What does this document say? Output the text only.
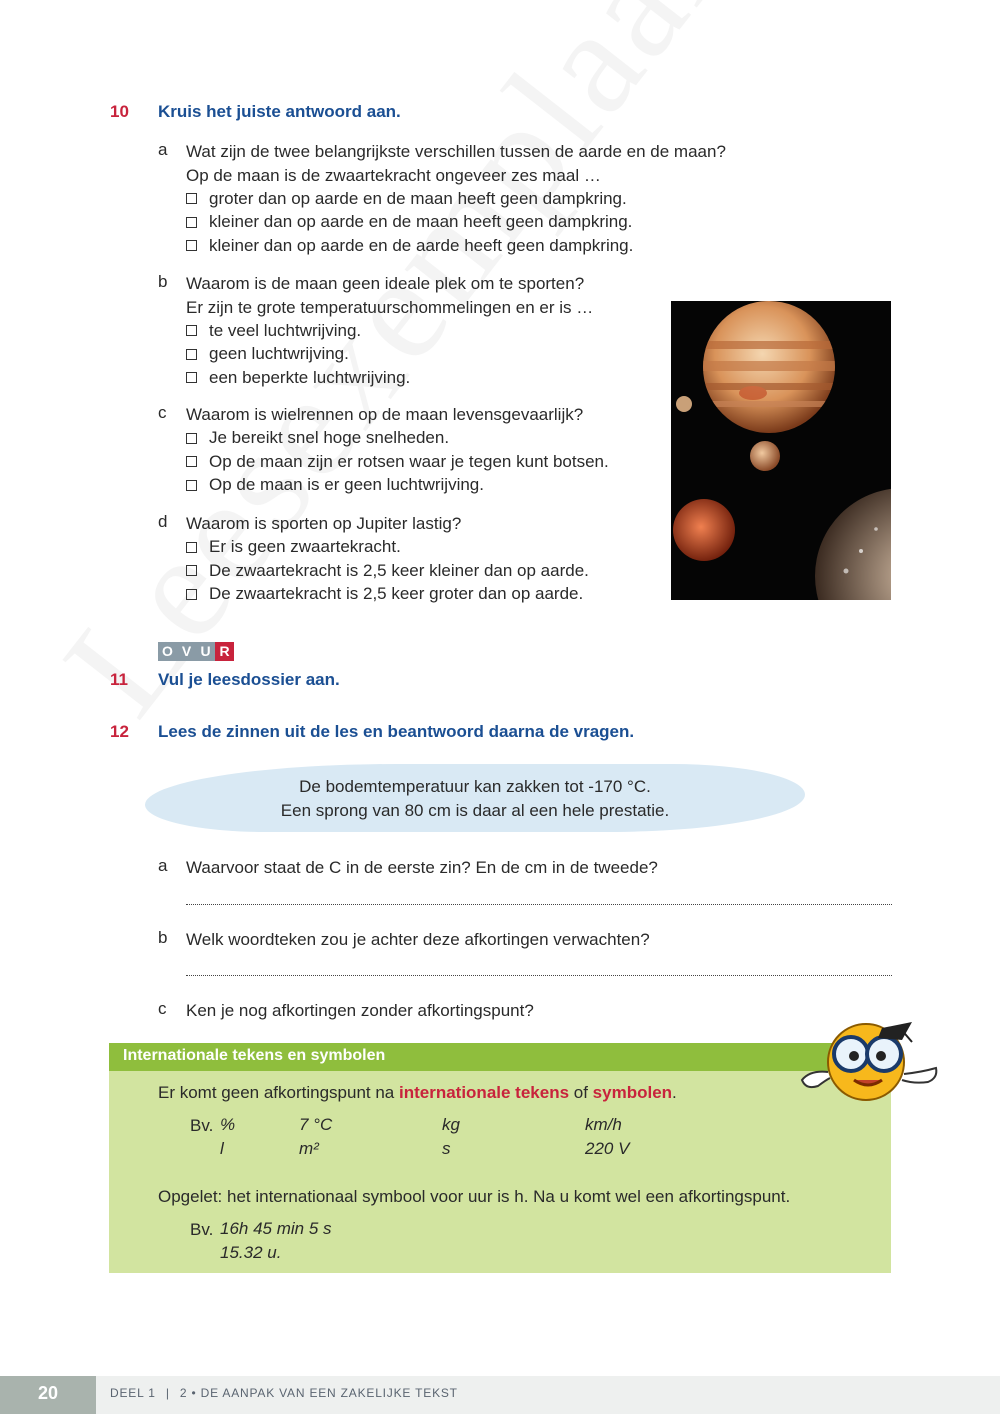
10 Kruis het juiste antwoord aan.
a Wat zijn de twee belangrijkste verschillen tussen de aarde en de maan?
Op de maan is de zwaartekracht ongeveer zes maal …
groter dan op aarde en de maan heeft geen dampkring.
kleiner dan op aarde en de maan heeft geen dampkring.
kleiner dan op aarde en de aarde heeft geen dampkring.
b Waarom is de maan geen ideale plek om te sporten?
Er zijn te grote temperatuurschommelingen en er is …
te veel luchtwrijving.
geen luchtwrijving.
een beperkte luchtwrijving.
c Waarom is wielrennen op de maan levensgevaarlijk?
Je bereikt snel hoge snelheden.
Op de maan zijn er rotsen waar je tegen kunt botsen.
Op de maan is er geen luchtwrijving.
d Waarom is sporten op Jupiter lastig?
Er is geen zwaartekracht.
De zwaartekracht is 2,5 keer kleiner dan op aarde.
De zwaartekracht is 2,5 keer groter dan op aarde.
O V U R
11 Vul je leesdossier aan.
12 Lees de zinnen uit de les en beantwoord daarna de vragen.
De bodemtemperatuur kan zakken tot -170 °C.
Een sprong van 80 cm is daar al een hele prestatie.
a Waarvoor staat de C in de eerste zin? En de cm in de tweede?
b Welk woordteken zou je achter deze afkortingen verwachten?
c Ken je nog afkortingen zonder afkortingspunt?
Internationale tekens en symbolen
Er komt geen afkortingspunt na internationale tekens of symbolen.
Bv. %	7 °C	kg	km/h
l	m²	s	220 V
Opgelet: het internationaal symbool voor uur is h. Na u komt wel een afkortingspunt.
Bv. 16h 45 min 5 s
15.32 u.
20	DEEL 1 | 2 • DE AANPAK VAN EEN ZAKELIJKE TEKST
